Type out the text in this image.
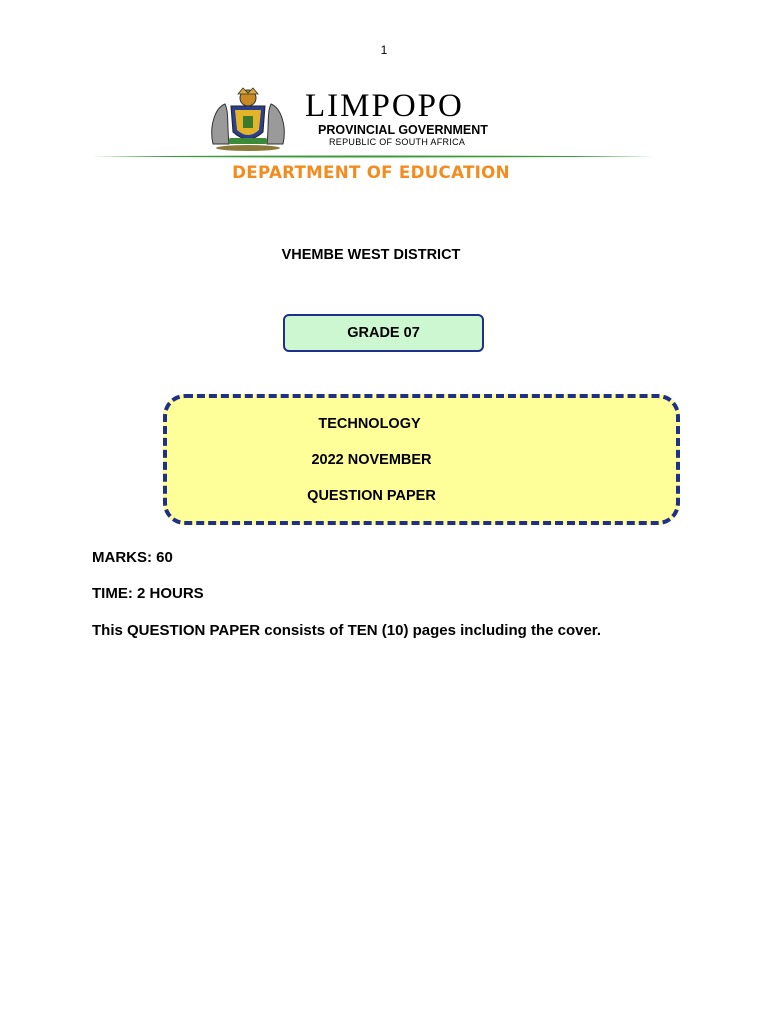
1
LIMPOPO
PROVINCIAL GOVERNMENT
REPUBLIC OF SOUTH AFRICA
DEPARTMENT OF EDUCATION
VHEMBE WEST DISTRICT
GRADE 07
TECHNOLOGY
2022 NOVEMBER
QUESTION PAPER
MARKS: 60
TIME: 2 HOURS
This QUESTION PAPER consists of TEN (10) pages including the cover.
